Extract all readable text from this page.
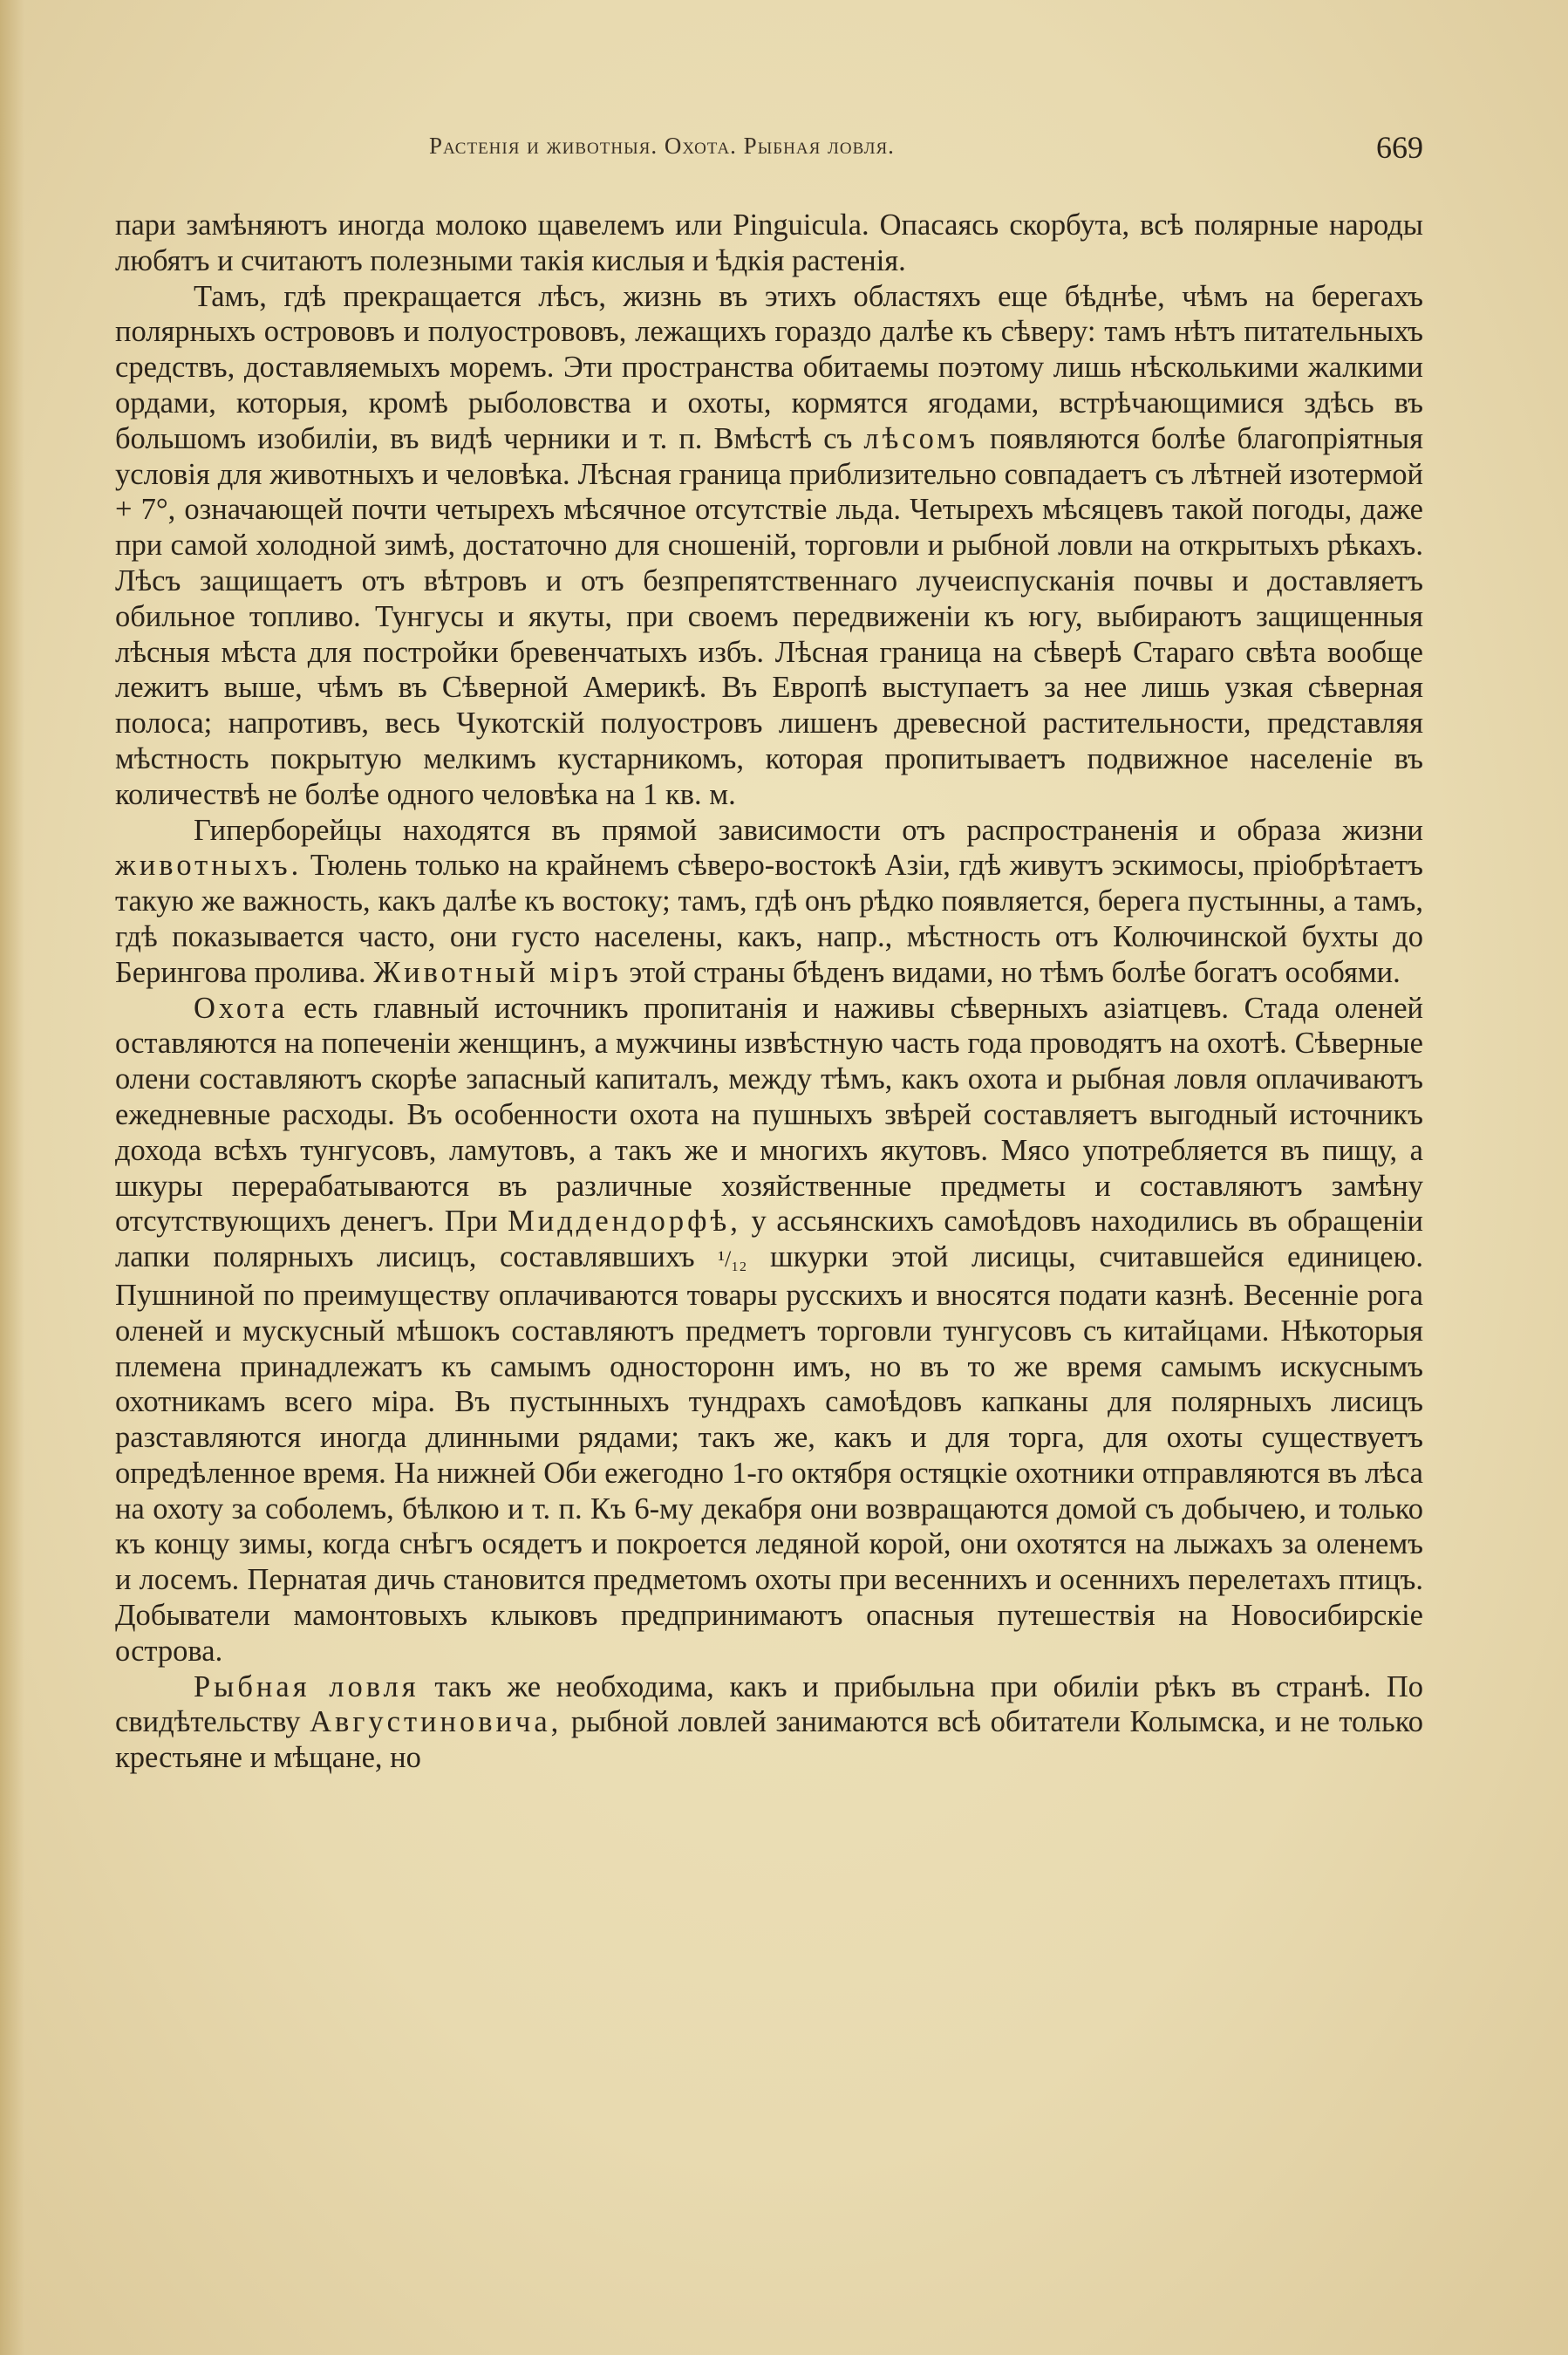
Растенія и животныя. Охота. Рыбная ловля.	669

пари замѣняютъ иногда молоко щавелемъ или Pinguicula. Опасаясь скорбута, всѣ полярные народы любятъ и считаютъ полезными такія кислыя и ѣдкія растенія.

Тамъ, гдѣ прекращается лѣсъ, жизнь въ этихъ областяхъ еще бѣднѣе, чѣмъ на берегахъ полярныхъ острововъ и полуострововъ, лежащихъ гораздо далѣе къ сѣверу: тамъ нѣтъ питательныхъ средствъ, доставляемыхъ моремъ. Эти пространства обитаемы поэтому лишь нѣсколькими жалкими ордами, которыя, кромѣ рыболовства и охоты, кормятся ягодами, встрѣчающимися здѣсь въ большомъ изобиліи, въ видѣ черники и т. п. Вмѣстѣ съ лѣсомъ появляются болѣе благопріятныя условія для животныхъ и человѣка. Лѣсная граница приблизительно совпадаетъ съ лѣтней изотермой + 7°, означающей почти четырехъ мѣсячное отсутствіе льда. Четырехъ мѣсяцевъ такой погоды, даже при самой холодной зимѣ, достаточно для сношеній, торговли и рыбной ловли на открытыхъ рѣкахъ. Лѣсъ защищаетъ отъ вѣтровъ и отъ безпрепятственнаго лучеиспусканія почвы и доставляетъ обильное топливо. Тунгусы и якуты, при своемъ передвиженіи къ югу, выбираютъ защищенныя лѣсныя мѣста для постройки бревенчатыхъ избъ. Лѣсная граница на сѣверѣ Стараго свѣта вообще лежитъ выше, чѣмъ въ Сѣверной Америкѣ. Въ Европѣ выступаетъ за нее лишь узкая сѣверная полоса; напротивъ, весь Чукотскій полуостровъ лишенъ древесной растительности, представляя мѣстность покрытую мелкимъ кустарникомъ, которая пропитываетъ подвижное населеніе въ количествѣ не болѣе одного человѣка на 1 кв. м.

Гиперборейцы находятся въ прямой зависимости отъ распространенія и образа жизни животныхъ. Тюлень только на крайнемъ сѣверо-востокѣ Азіи, гдѣ живутъ эскимосы, пріобрѣтаетъ такую же важность, какъ далѣе къ востоку; тамъ, гдѣ онъ рѣдко появляется, берега пустынны, а тамъ, гдѣ показывается часто, они густо населены, какъ, напр., мѣстность отъ Колючинской бухты до Берингова пролива. Животный міръ этой страны бѣденъ видами, но тѣмъ болѣе богатъ особями.

Охота есть главный источникъ пропитанія и наживы сѣверныхъ азіатцевъ. Стада оленей оставляются на попеченіи женщинъ, а мужчины извѣстную часть года проводятъ на охотѣ. Сѣверные олени составляютъ скорѣе запасный капиталъ, между тѣмъ, какъ охота и рыбная ловля оплачиваютъ ежедневные расходы. Въ особенности охота на пушныхъ звѣрей составляетъ выгодный источникъ дохода всѣхъ тунгусовъ, ламутовъ, а такъ же и многихъ якутовъ. Мясо употребляется въ пищу, а шкуры перерабатываются въ различные хозяйственные предметы и составляютъ замѣну отсутствующихъ денегъ. При Миддендорфѣ, у ассьянскихъ самоѣдовъ находились въ обращеніи лапки полярныхъ лисицъ, составлявшихъ ¹/₁₂ шкурки этой лисицы, считавшейся единицею. Пушниной по преимуществу оплачиваются товары русскихъ и вносятся подати казнѣ. Весенніе рога оленей и мускусный мѣшокъ составляютъ предметъ торговли тунгусовъ съ китайцами. Нѣкоторыя племена принадлежатъ къ самымъ односторонн имъ, но въ то же время самымъ искуснымъ охотникамъ всего міра. Въ пустынныхъ тундрахъ самоѣдовъ капканы для полярныхъ лисицъ разставляются иногда длинными рядами; такъ же, какъ и для торга, для охоты существуетъ опредѣленное время. На нижней Оби ежегодно 1-го октября остяцкіе охотники отправляются въ лѣса на охоту за соболемъ, бѣлкою и т. п. Къ 6-му декабря они возвращаются домой съ добычею, и только къ концу зимы, когда снѣгъ осядетъ и покроется ледяной корой, они охотятся на лыжахъ за оленемъ и лосемъ. Пернатая дичь становится предметомъ охоты при весеннихъ и осеннихъ перелетахъ птицъ. Добыватели мамонтовыхъ клыковъ предпринимаютъ опасныя путешествія на Новосибирскіе острова.

Рыбная ловля такъ же необходима, какъ и прибыльна при обиліи рѣкъ въ странѣ. По свидѣтельству Августиновича, рыбной ловлей занимаются всѣ обитатели Колымска, и не только крестьяне и мѣщане, но
